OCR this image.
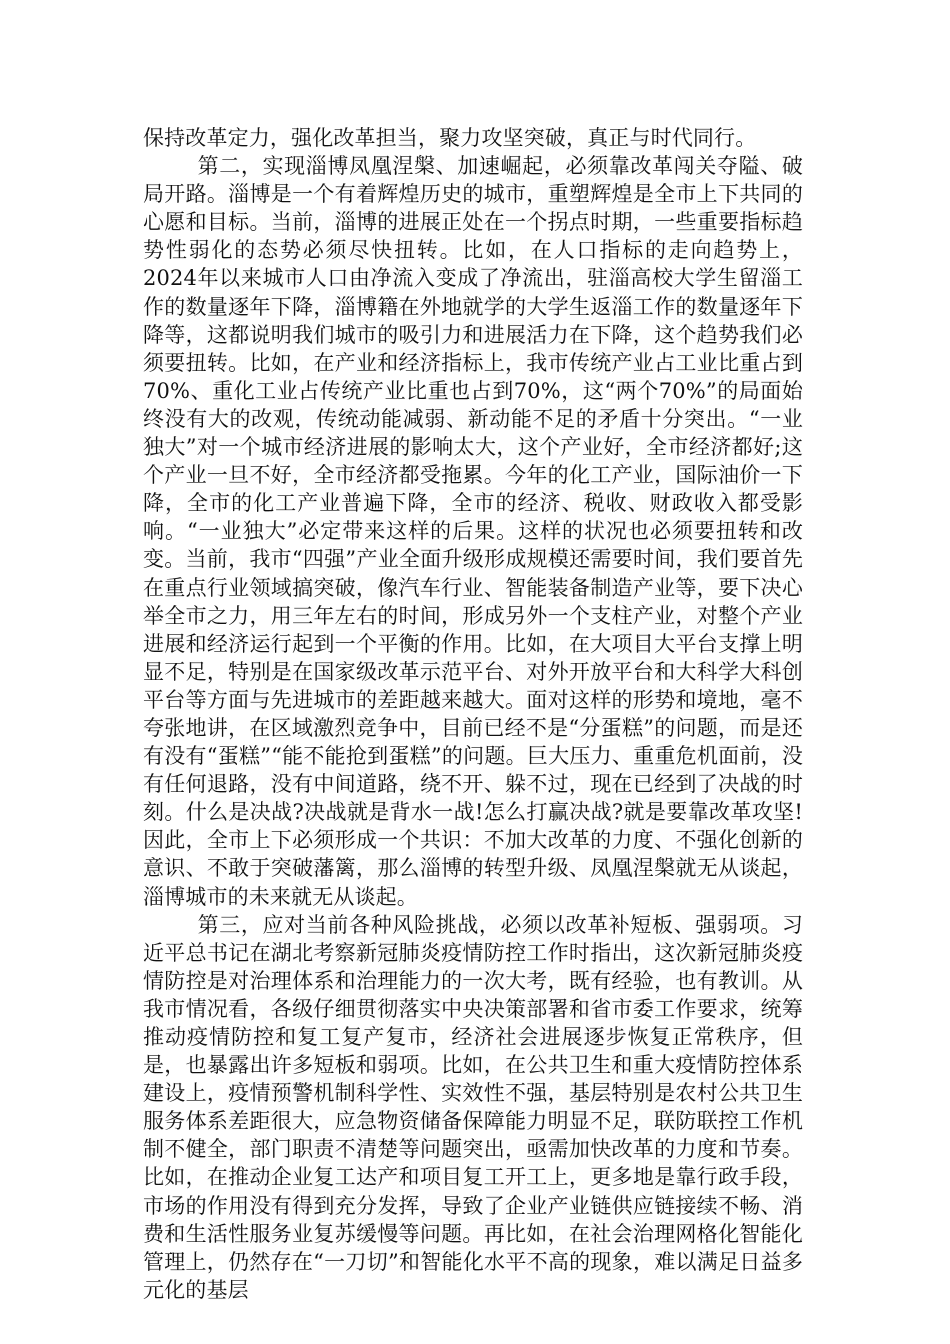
保持改革定力，强化改革担当，聚力攻坚突破，真正与时代同行。

第二，实现淄博凤凰涅槃、加速崛起，必须靠改革闯关夺隘、破局开路。淄博是一个有着辉煌历史的城市，重塑辉煌是全市上下共同的心愿和目标。当前，淄博的进展正处在一个拐点时期，一些重要指标趋势性弱化的态势必须尽快扭转。比如，在人口指标的走向趋势上，2024年以来城市人口由净流入变成了净流出，驻淄高校大学生留淄工作的数量逐年下降，淄博籍在外地就学的大学生返淄工作的数量逐年下降等，这都说明我们城市的吸引力和进展活力在下降，这个趋势我们必须要扭转。比如，在产业和经济指标上，我市传统产业占工业比重占到70%、重化工业占传统产业比重也占到70%，这“两个70%”的局面始终没有大的改观，传统动能减弱、新动能不足的矛盾十分突出。“一业独大”对一个城市经济进展的影响太大，这个产业好，全市经济都好;这个产业一旦不好，全市经济都受拖累。今年的化工产业，国际油价一下降，全市的化工产业普遍下降，全市的经济、税收、财政收入都受影响。“一业独大”必定带来这样的后果。这样的状况也必须要扭转和改变。当前，我市“四强”产业全面升级形成规模还需要时间，我们要首先在重点行业领域搞突破，像汽车行业、智能装备制造产业等，要下决心举全市之力，用三年左右的时间，形成另外一个支柱产业，对整个产业进展和经济运行起到一个平衡的作用。比如，在大项目大平台支撑上明显不足，特别是在国家级改革示范平台、对外开放平台和大科学大科创平台等方面与先进城市的差距越来越大。面对这样的形势和境地，毫不夸张地讲，在区域激烈竞争中，目前已经不是“分蛋糕”的问题，而是还有没有“蛋糕”“能不能抢到蛋糕”的问题。巨大压力、重重危机面前，没有任何退路，没有中间道路，绕不开、躲不过，现在已经到了决战的时刻。什么是决战?决战就是背水一战!怎么打赢决战?就是要靠改革攻坚!因此，全市上下必须形成一个共识：不加大改革的力度、不强化创新的意识、不敢于突破藩篱，那么淄博的转型升级、凤凰涅槃就无从谈起，淄博城市的未来就无从谈起。

第三，应对当前各种风险挑战，必须以改革补短板、强弱项。习近平总书记在湖北考察新冠肺炎疫情防控工作时指出，这次新冠肺炎疫情防控是对治理体系和治理能力的一次大考，既有经验，也有教训。从我市情况看，各级仔细贯彻落实中央决策部署和省市委工作要求，统筹推动疫情防控和复工复产复市，经济社会进展逐步恢复正常秩序，但是，也暴露出许多短板和弱项。比如，在公共卫生和重大疫情防控体系建设上，疫情预警机制科学性、实效性不强，基层特别是农村公共卫生服务体系差距很大，应急物资储备保障能力明显不足，联防联控工作机制不健全，部门职责不清楚等问题突出，亟需加快改革的力度和节奏。比如，在推动企业复工达产和项目复工开工上，更多地是靠行政手段，市场的作用没有得到充分发挥，导致了企业产业链供应链接续不畅、消费和生活性服务业复苏缓慢等问题。再比如，在社会治理网格化智能化管理上，仍然存在“一刀切”和智能化水平不高的现象，难以满足日益多元化的基层
